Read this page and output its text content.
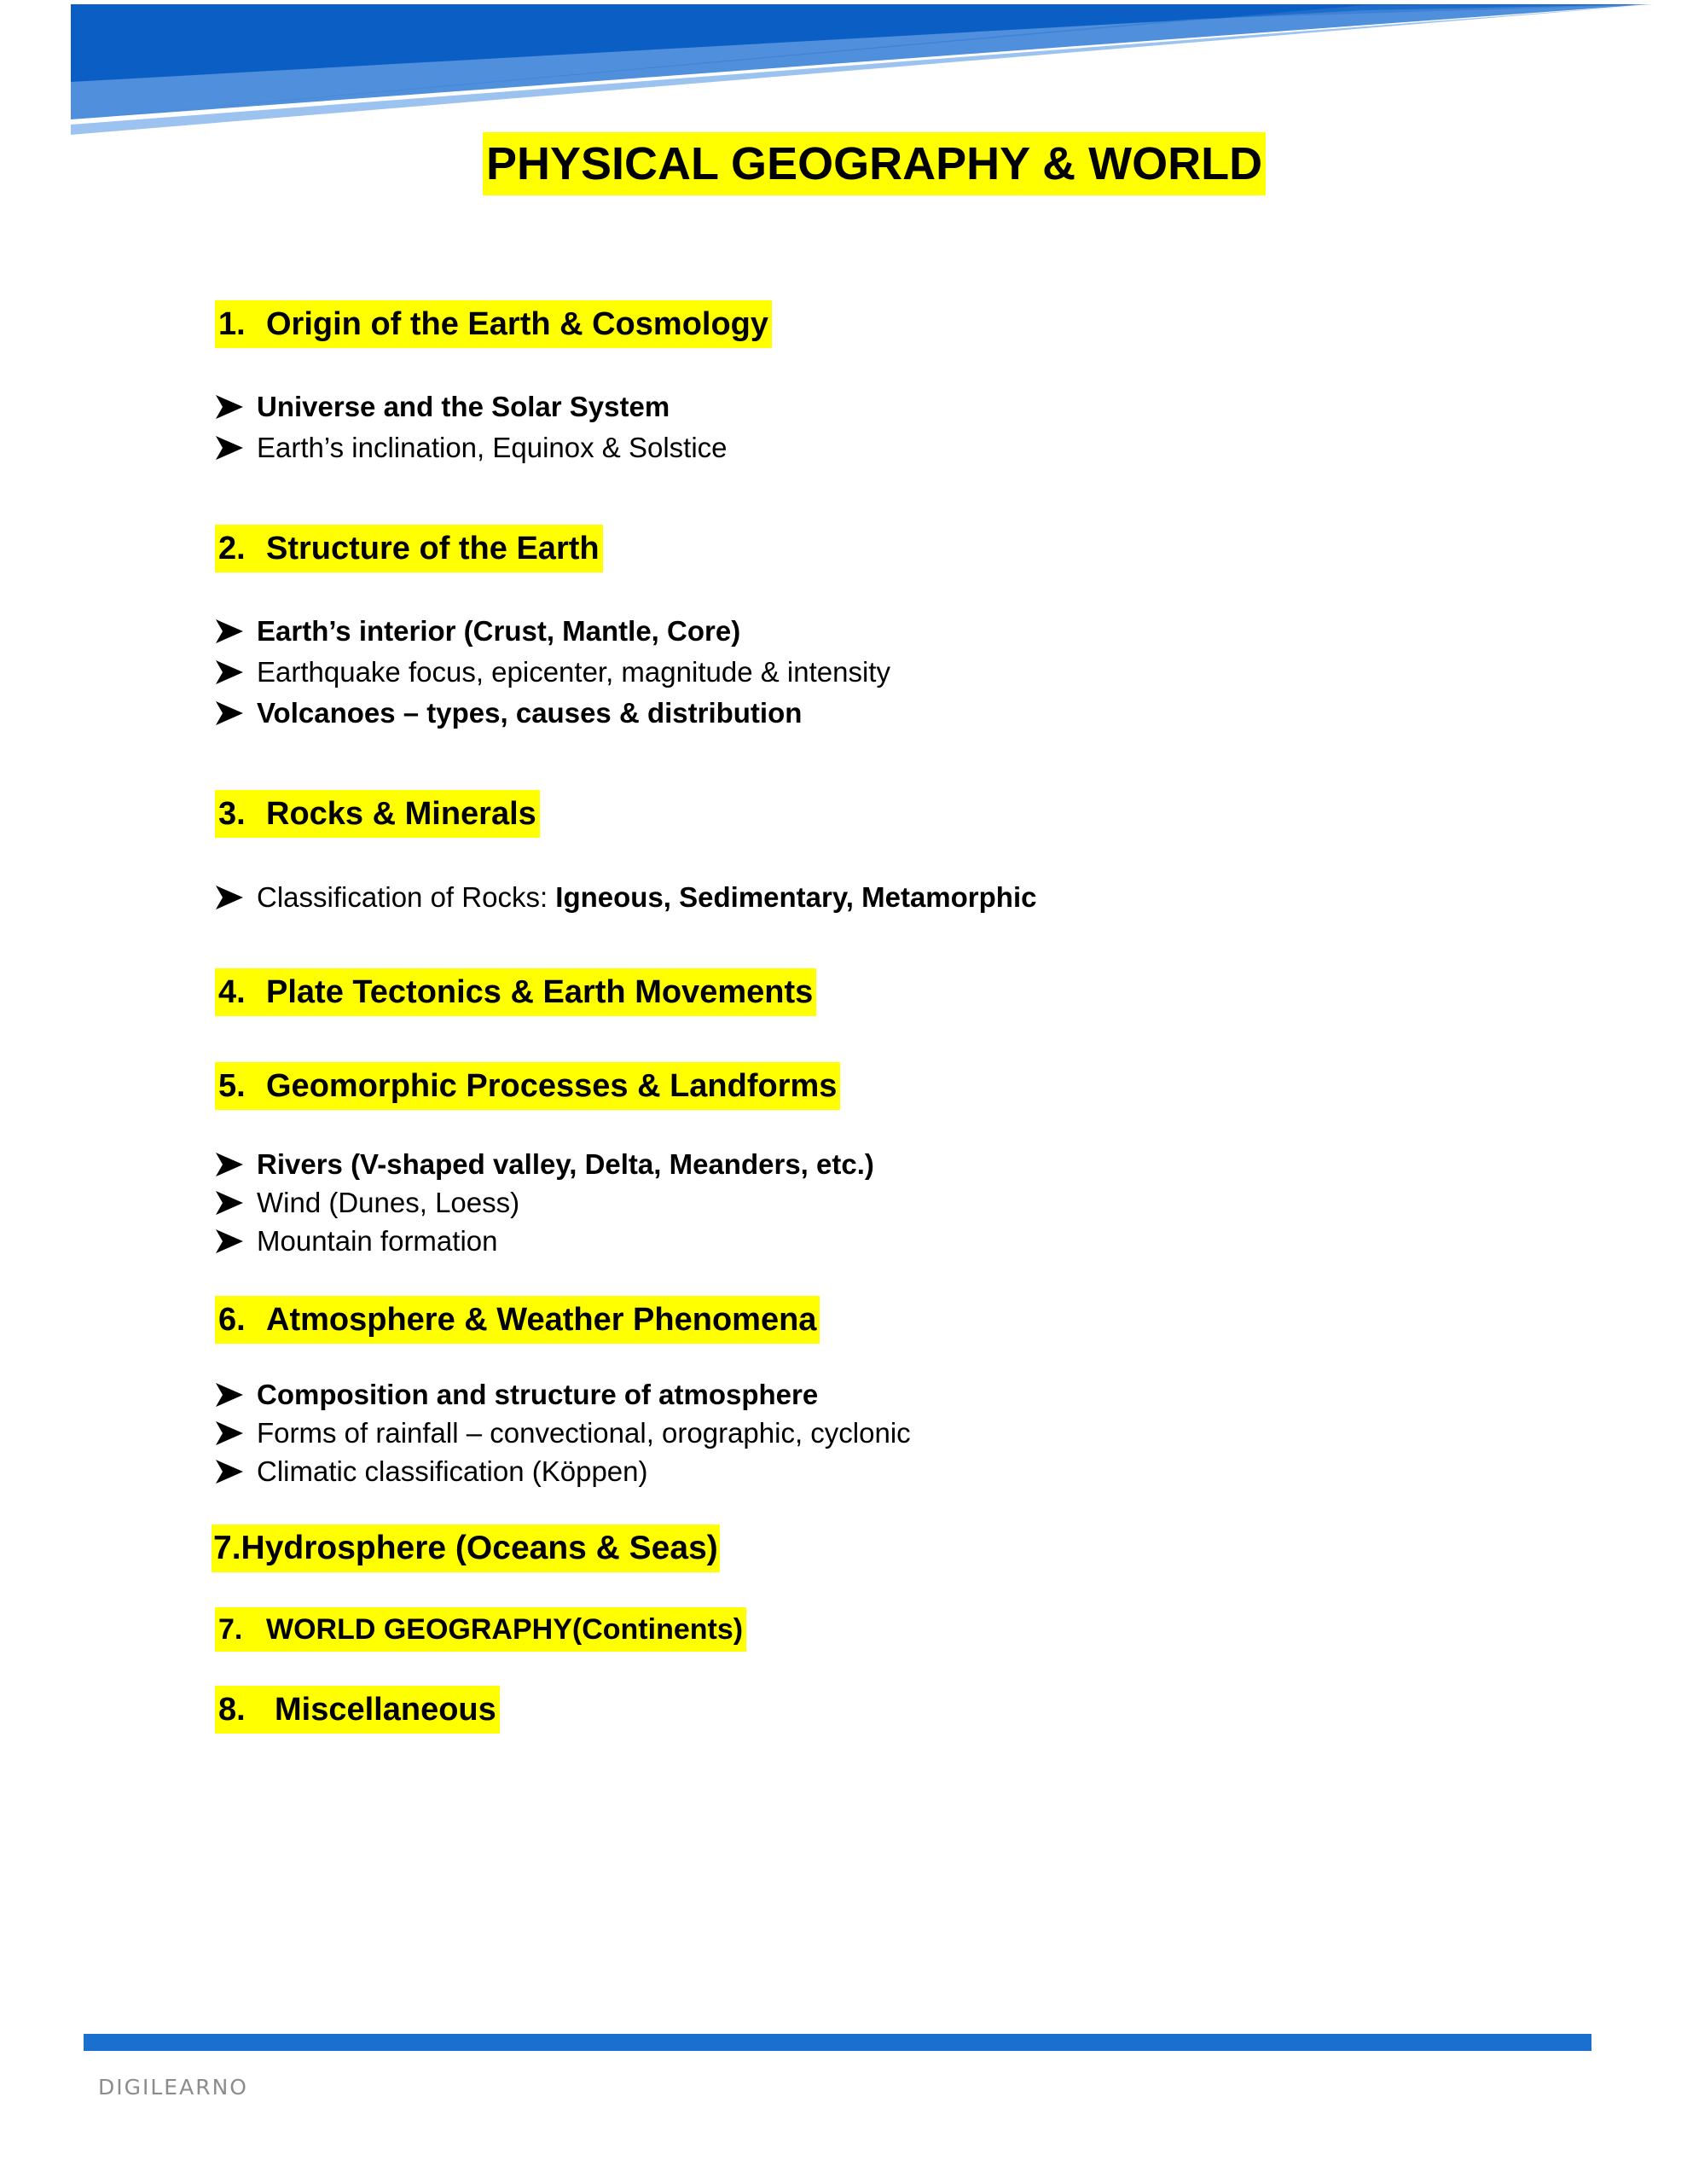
PHYSICAL GEOGRAPHY & WORLD
1. Origin of the Earth & Cosmology
Universe and the Solar System
Earth’s inclination, Equinox & Solstice
2. Structure of the Earth
Earth’s interior (Crust, Mantle, Core)
Earthquake focus, epicenter, magnitude & intensity
Volcanoes – types, causes & distribution
3. Rocks & Minerals
Classification of Rocks: Igneous, Sedimentary, Metamorphic
4. Plate Tectonics & Earth Movements
5. Geomorphic Processes & Landforms
Rivers (V-shaped valley, Delta, Meanders, etc.)
Wind (Dunes, Loess)
Mountain formation
6. Atmosphere & Weather Phenomena
Composition and structure of atmosphere
Forms of rainfall – convectional, orographic, cyclonic
Climatic classification (Köppen)
7.Hydrosphere (Oceans & Seas)
7. WORLD GEOGRAPHY(Continents)
8. Miscellaneous
DIGILEARNO
